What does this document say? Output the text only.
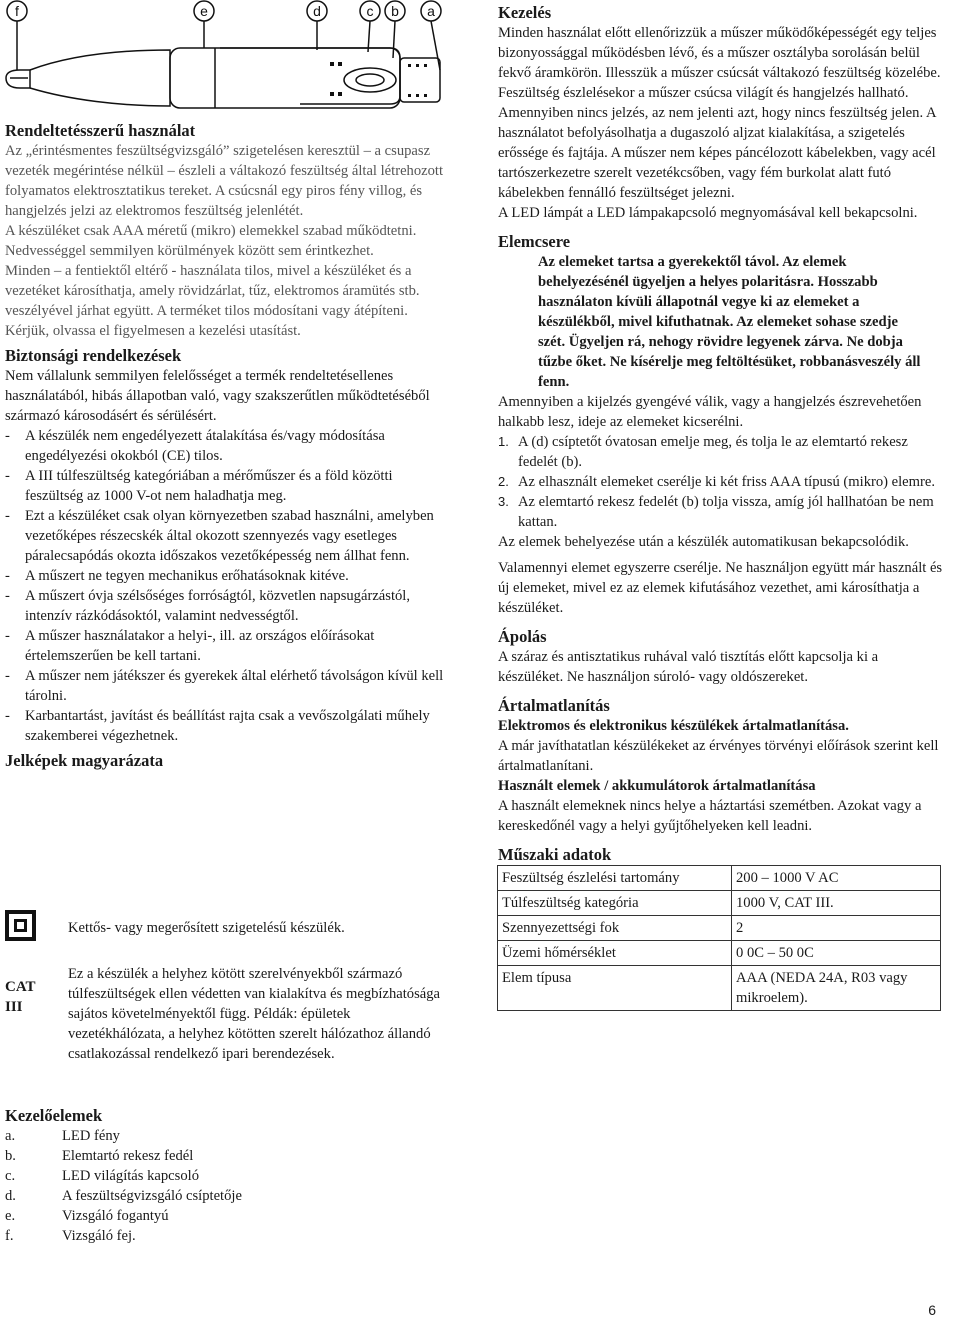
f	e	d	c b a

Rendeltetésszerű használat

Az „érintésmentes feszültségvizsgáló” szigetelésen keresztül – a csupasz vezeték megérintése nélkül – észleli a váltakozó feszültség által létrehozott folyamatos elektrosztatikus tereket. A csúcsnál egy piros fény villog, és hangjelzés jelzi az elektromos feszültség jelenlétét.

A készüléket csak AAA méretű (mikro) elemekkel szabad működtetni. Nedvességgel semmilyen körülmények között sem érintkezhet.

Minden – a fentiektől eltérő - használata tilos, mivel a készüléket és a vezetéket károsíthatja, amely rövidzárlat, tűz, elektromos áramütés stb. veszélyével járhat együtt. A terméket tilos módosítani vagy átépíteni. Kérjük, olvassa el figyelmesen a kezelési utasítást.

Biztonsági rendelkezések

Nem vállalunk semmilyen felelősséget a termék rendeltetésellenes használatából, hibás állapotban való, vagy szakszerűtlen működtetéséből származó károsodásért és sérülésért.

-	A készülék nem engedélyezett átalakítása és/vagy módosítása engedélyezési okokból (CE) tilos.
-	A III túlfeszültség kategóriában a mérőműszer és a föld közötti feszültség az 1000 V-ot nem haladhatja meg.
-	Ezt a készüléket csak olyan környezetben szabad használni, amelyben vezetőképes részecskék által okozott szennyezés vagy esetleges páralecsapódás okozta időszakos vezetőképesség nem állhat fenn.
-	A műszert ne tegyen mechanikus erőhatásoknak kitéve.
-	A műszert óvja szélsőséges forróságtól, közvetlen napsugárzástól, intenzív rázkódásoktól, valamint nedvességtől.
-	A műszer használatakor a helyi-, ill. az országos előírásokat értelemszerűen be kell tartani.
-	A műszer nem játékszer és gyerekek által elérhető távolságon kívül kell tárolni.
-	Karbantartást, javítást és beállítást rajta csak a vevőszolgálati műhely szakemberei végezhetnek.

Jelképek magyarázata

Kettős- vagy megerősített szigetelésű készülék.

CAT
III

Ez a készülék a helyhez kötött szerelvényekből származó túlfeszültségek ellen védetten van kialakítva és megbízhatósága sajátos követelményektől függ. Példák: épületek vezetékhálózata, a helyhez kötötten szerelt hálózathoz állandó csatlakozással rendelkező ipari berendezések.

Kezelőelemek

a.	LED fény
b.	Elemtartó rekesz fedél
c.	LED világítás kapcsoló
d.	A feszültségvizsgáló csíptetője
e.	Vizsgáló fogantyú
f.	Vizsgáló fej.

Kezelés

Minden használat előtt ellenőrizzük a műszer működőképességét egy teljes bizonyossággal működésben lévő, és a műszer osztályba sorolásán belül fekvő áramkörön. Illesszük a műszer csúcsát váltakozó feszültség közelébe. Feszültség észlelésekor a műszer csúcsa világít és hangjelzés hallható. Amennyiben nincs jelzés, az nem jelenti azt, hogy nincs feszültség jelen. A használatot befolyásolhatja a dugaszoló aljzat kialakítása, a szigetelés erőssége és fajtája. A műszer nem képes páncélozott kábelekben, vagy acél tartószerkezetre szerelt vezetékcsőben, vagy fém burkolat alatt futó kábelekben fennálló feszültséget jelezni.

A LED lámpát a LED lámpakapcsoló megnyomásával kell bekapcsolni.

Elemcsere

Az elemeket tartsa a gyerekektől távol. Az elemek behelyezésénél ügyeljen a helyes polaritásra. Hosszabb használaton kívüli állapotnál vegye ki az elemeket a készülékből, mivel kifuthatnak. Az elemeket sohase szedje szét. Ügyeljen rá, nehogy rövidre legyenek zárva. Ne dobja tűzbe őket. Ne kísérelje meg feltöltésüket, robbanásveszély áll fenn.

Amennyiben a kijelzés gyengévé válik, vagy a hangjelzés észrevehetően halkabb lesz, ideje az elemeket kicserélni.

1. A (d) csíptetőt óvatosan emelje meg, és tolja le az elemtartó rekesz fedelét (b).
2. Az elhasznált elemeket cserélje ki két friss AAA típusú (mikro) elemre.
3. Az elemtartó rekesz fedelét (b) tolja vissza, amíg jól hallhatóan be nem kattan.

Az elemek behelyezése után a készülék automatikusan bekapcsolódik.

Valamennyi elemet egyszerre cserélje. Ne használjon együtt már használt és új elemeket, mivel ez az elemek kifutásához vezethet, ami károsíthatja a készüléket.

Ápolás

A száraz és antisztatikus ruhával való tisztítás előtt kapcsolja ki a készüléket. Ne használjon súroló- vagy oldószereket.

Ártalmatlanítás

Elektromos és elektronikus készülékek ártalmatlanítása.

A már javíthatatlan készülékeket az érvényes törvényi előírások szerint kell ártalmatlanítani.

Használt elemek / akkumulátorok ártalmatlanítása

A használt elemeknek nincs helye a háztartási szemétben. Azokat vagy a kereskedőnél vagy a helyi gyűjtőhelyeken kell leadni.

Műszaki adatok

Feszültség észlelési tartomány	200 – 1000 V AC
Túlfeszültség kategória	1000 V, CAT III.
Szennyezettségi fok	2
Üzemi hőmérséklet	0 0C – 50 0C
Elem típusa	AAA (NEDA 24A, R03 vagy mikroelem).
6
